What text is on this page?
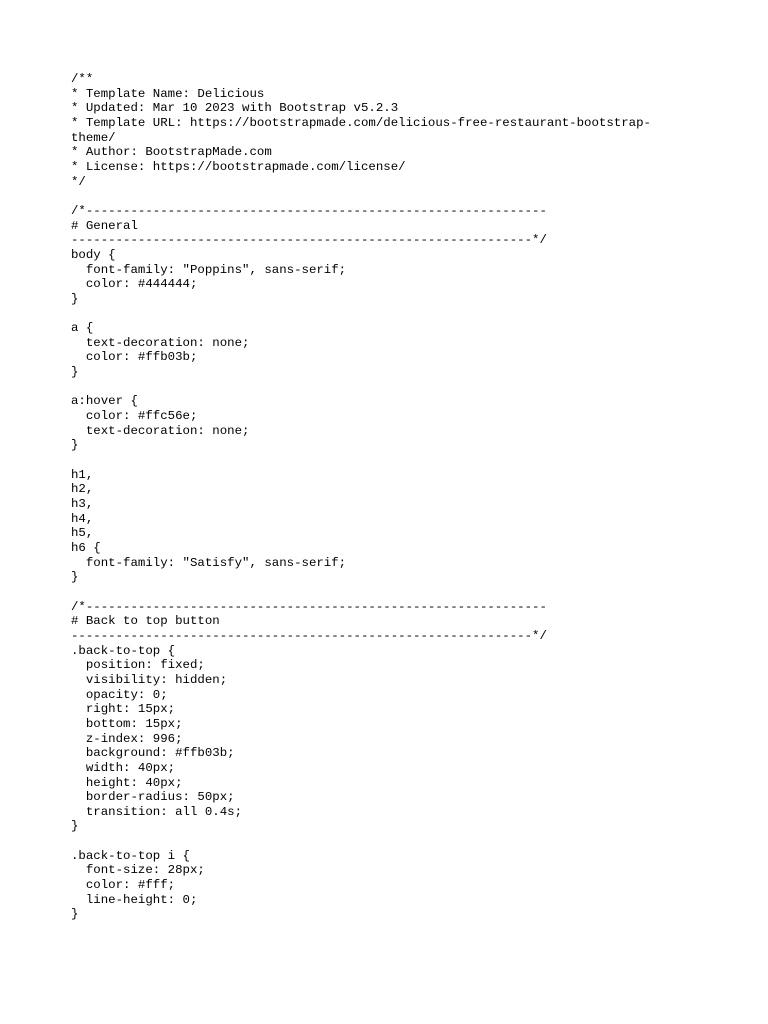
/**
* Template Name: Delicious
* Updated: Mar 10 2023 with Bootstrap v5.2.3
* Template URL: https://bootstrapmade.com/delicious-free-restaurant-bootstrap-
theme/
* Author: BootstrapMade.com
* License: https://bootstrapmade.com/license/
*/
/*--------------------------------------------------------------
# General
--------------------------------------------------------------*/
body {
font-family: "Poppins", sans-serif;
color: #444444;
}
a {
text-decoration: none;
color: #ffb03b;
}
a:hover {
color: #ffc56e;
text-decoration: none;
}
h1,
h2,
h3,
h4,
h5,
h6 {
font-family: "Satisfy", sans-serif;
}
/*--------------------------------------------------------------
# Back to top button
--------------------------------------------------------------*/
.back-to-top {
position: fixed;
visibility: hidden;
opacity: 0;
right: 15px;
bottom: 15px;
z-index: 996;
background: #ffb03b;
width: 40px;
height: 40px;
border-radius: 50px;
transition: all 0.4s;
}
.back-to-top i {
font-size: 28px;
color: #fff;
line-height: 0;
}
